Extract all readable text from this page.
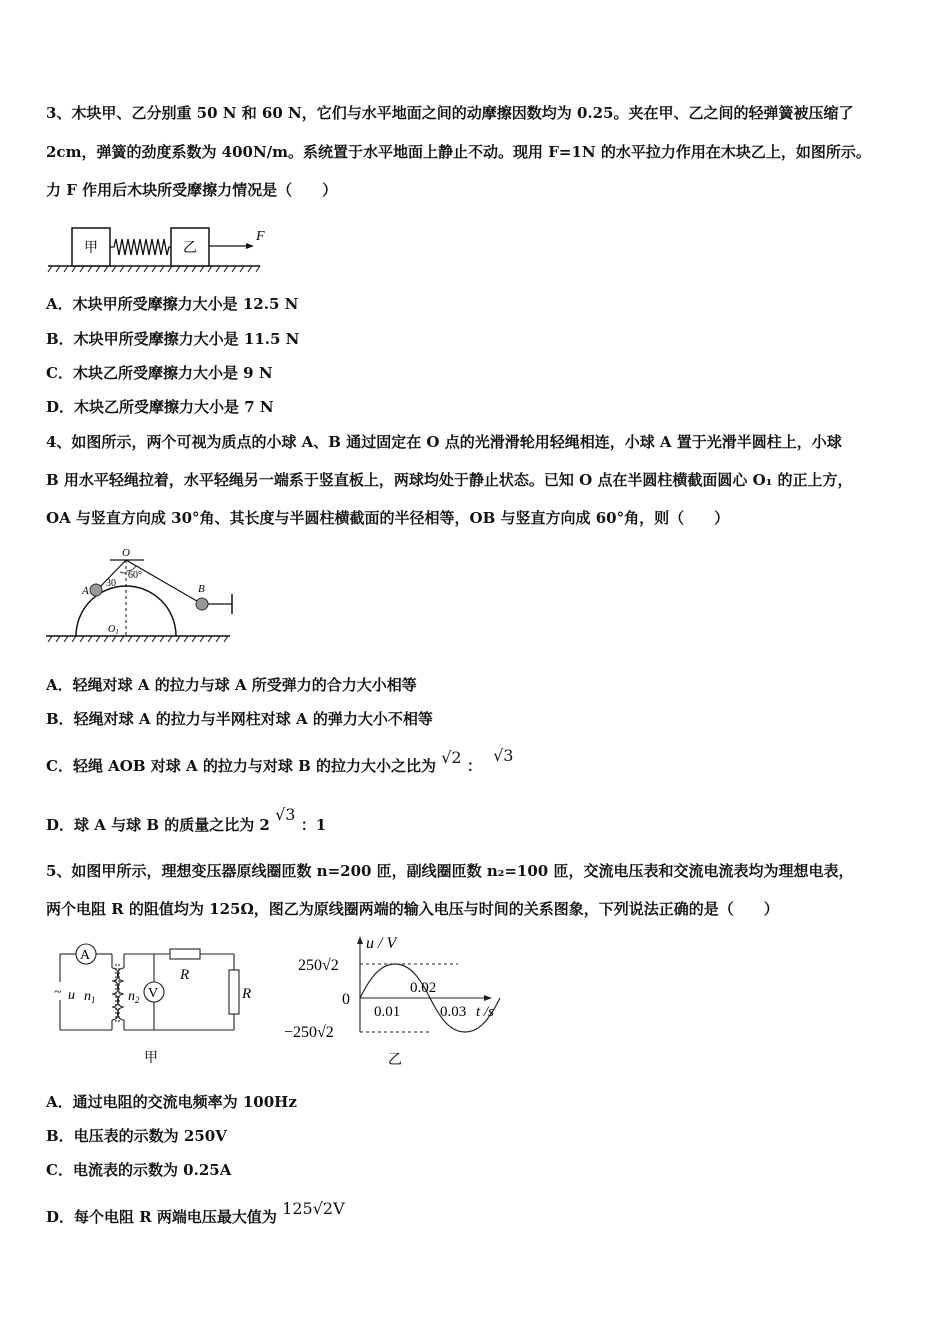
3、木块甲、乙分别重 50 N 和 60 N，它们与水平地面之间的动摩擦因数均为 0.25。夹在甲、乙之间的轻弹簧被压缩了
2cm，弹簧的劲度系数为 400N/m。系统置于水平地面上静止不动。现用 F=1N 的水平拉力作用在木块乙上，如图所示。
力 F 作用后木块所受摩擦力情况是（　　）
甲	乙
F
A．木块甲所受摩擦力大小是 12.5 N
B．木块甲所受摩擦力大小是 11.5 N
C．木块乙所受摩擦力大小是 9 N
D．木块乙所受摩擦力大小是 7 N
4、如图所示，两个可视为质点的小球 A、B 通过固定在 O 点的光滑滑轮用轻绳相连，小球 A 置于光滑半圆柱上，小球
B 用水平轻绳拉着，水平轻绳另一端系于竖直板上，两球均处于静止状态。已知 O 点在半圆柱横截面圆心 O₁ 的正上方，
OA 与竖直方向成 30°角、其长度与半圆柱横截面的半径相等，OB 与竖直方向成 60°角，则（　　）
O
30
60°
A	B
$O_1$
A．轻绳对球 A 的拉力与球 A 所受弹力的合力大小相等
B．轻绳对球 A 的拉力与半网柱对球 A 的弹力大小不相等
C．轻绳 AOB 对球 A 的拉力与对球 B 的拉力大小之比为 √2 ： √3
D．球 A 与球 B 的质量之比为 2 √3 ：1
5、如图甲所示，理想变压器原线圈匝数 n=200 匝，副线圈匝数 n₂=100 匝，交流电压表和交流电流表均为理想电表，
两个电阻 R 的阻值均为 125Ω，图乙为原线圈两端的输入电压与时间的关系图象，下列说法正确的是（　　）
A
V
R
R
~ u $n_1$ $n_2$
甲
u / V
250√2
0
−250√2
0.01
0.02
0.03 t /s
乙
A．通过电阻的交流电频率为 100Hz
B．电压表的示数为 250V
C．电流表的示数为 0.25A
D．每个电阻 R 两端电压最大值为 125√2V
